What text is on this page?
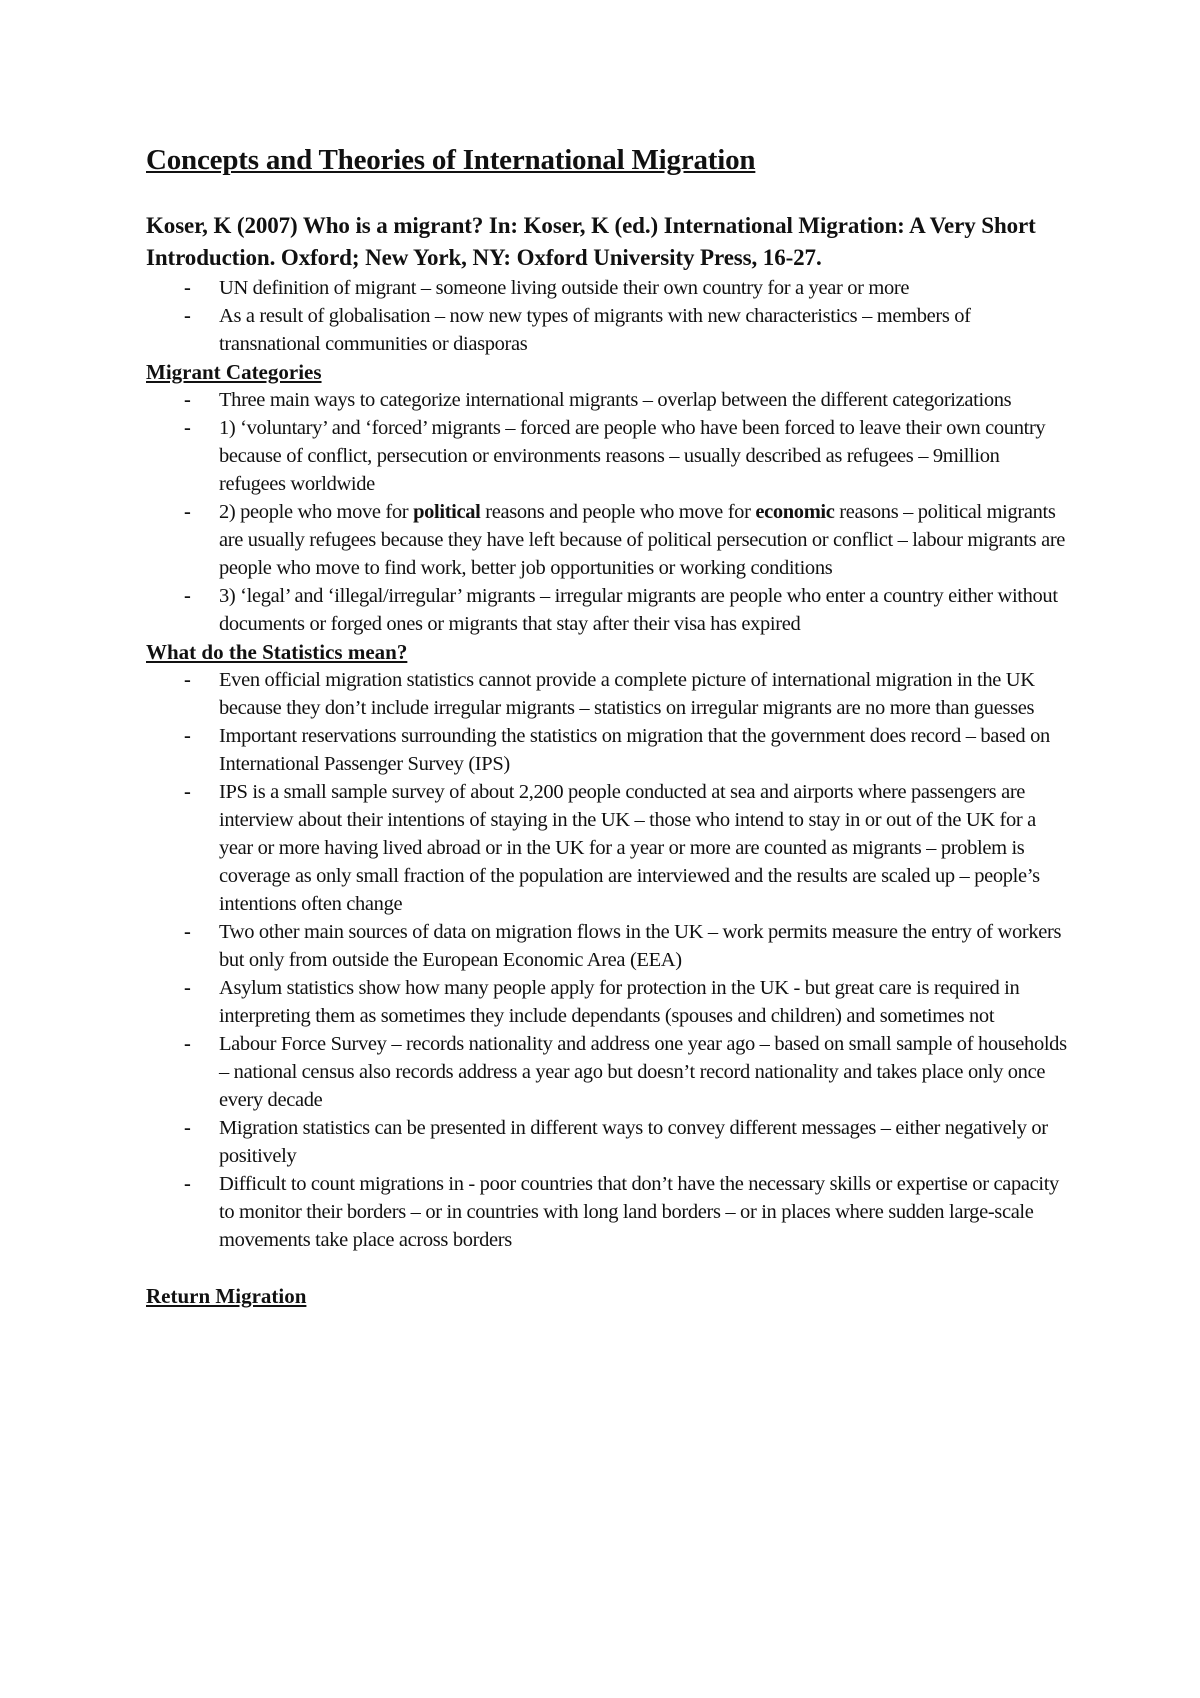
Concepts and Theories of International Migration
Koser, K (2007) Who is a migrant? In: Koser, K (ed.) International Migration: A Very Short Introduction. Oxford; New York, NY: Oxford University Press, 16-27.
- UN definition of migrant – someone living outside their own country for a year or more
- As a result of globalisation – now new types of migrants with new characteristics – members of transnational communities or diasporas
Migrant Categories
- Three main ways to categorize international migrants – overlap between the different categorizations
- 1) ‘voluntary’ and ‘forced’ migrants – forced are people who have been forced to leave their own country because of conflict, persecution or environments reasons – usually described as refugees – 9million refugees worldwide
- 2) people who move for political reasons and people who move for economic reasons – political migrants are usually refugees because they have left because of political persecution or conflict – labour migrants are people who move to find work, better job opportunities or working conditions
- 3) ‘legal’ and ‘illegal/irregular’ migrants – irregular migrants are people who enter a country either without documents or forged ones or migrants that stay after their visa has expired
What do the Statistics mean?
- Even official migration statistics cannot provide a complete picture of international migration in the UK because they don’t include irregular migrants – statistics on irregular migrants are no more than guesses
- Important reservations surrounding the statistics on migration that the government does record – based on International Passenger Survey (IPS)
- IPS is a small sample survey of about 2,200 people conducted at sea and airports where passengers are interview about their intentions of staying in the UK – those who intend to stay in or out of the UK for a year or more having lived abroad or in the UK for a year or more are counted as migrants – problem is coverage as only small fraction of the population are interviewed and the results are scaled up – people’s intentions often change
- Two other main sources of data on migration flows in the UK – work permits measure the entry of workers but only from outside the European Economic Area (EEA)
- Asylum statistics show how many people apply for protection in the UK - but great care is required in interpreting them as sometimes they include dependants (spouses and children) and sometimes not
- Labour Force Survey – records nationality and address one year ago – based on small sample of households – national census also records address a year ago but doesn’t record nationality and takes place only once every decade
- Migration statistics can be presented in different ways to convey different messages – either negatively or positively
- Difficult to count migrations in - poor countries that don’t have the necessary skills or expertise or capacity to monitor their borders – or in countries with long land borders – or in places where sudden large-scale movements take place across borders
Return Migration
